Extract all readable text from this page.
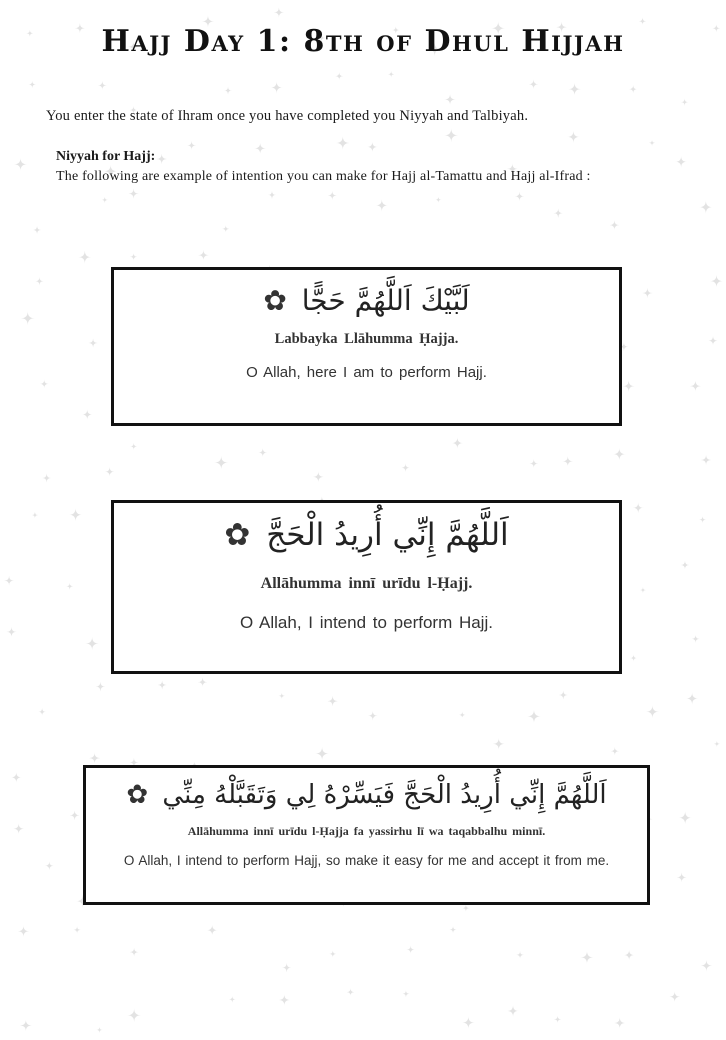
Hajj Day 1: 8th of Dhul Hijjah
You enter the state of Ihram once you have completed you Niyyah and Talbiyah.
Niyyah for Hajj:
The following are example of intention you can make for Hajj al-Tamattu and Hajj al-Ifrad :
لَبَّيْكَ اَللَّهُمَّ حَجًّا ✿
Labbayka Llāhumma Ḥajja.
O Allah, here I am to perform Hajj.
اَللَّهُمَّ إِنِّي أُرِيدُ الْحَجَّ ✿
Allāhumma innī urīdu l-Ḥajj.
O Allah, I intend to perform Hajj.
اَللَّهُمَّ إِنِّي أُرِيدُ الْحَجَّ فَيَسِّرْهُ لِي وَتَقَبَّلْهُ مِنِّي ✿
Allāhumma innī urīdu l-Ḥajja fa yassirhu lī wa taqabbalhu minnī.
O Allah, I intend to perform Hajj, so make it easy for me and accept it from me.
